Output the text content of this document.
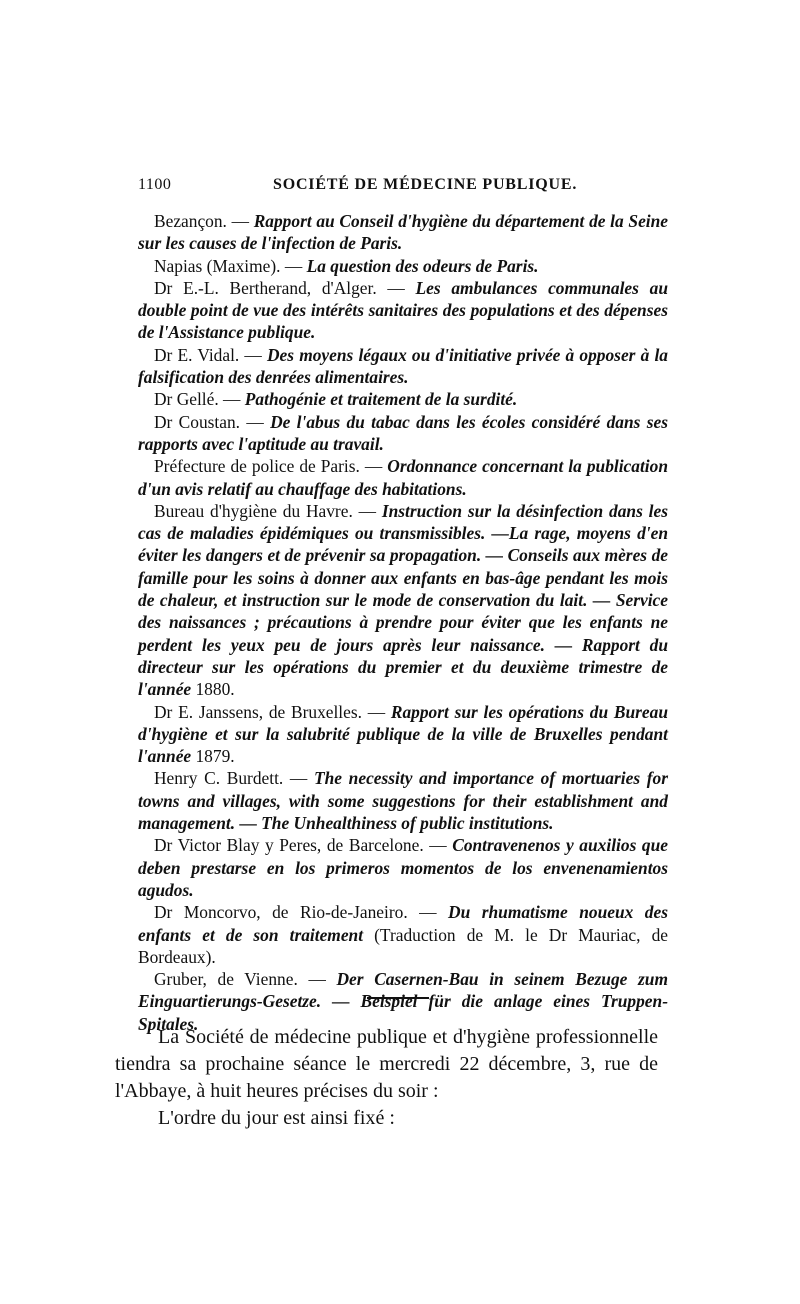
1100	SOCIÉTÉ DE MÉDECINE PUBLIQUE.

Bezançon. — Rapport au Conseil d'hygiène du département de la Seine sur les causes de l'infection de Paris.

Napias (Maxime). — La question des odeurs de Paris.

Dr E.-L. Bertherand, d'Alger. — Les ambulances communales au double point de vue des intérêts sanitaires des populations et des dépenses de l'Assistance publique.

Dr E. Vidal. — Des moyens légaux ou d'initiative privée à opposer à la falsification des denrées alimentaires.

Dr Gellé. — Pathogénie et traitement de la surdité.

Dr Coustan. — De l'abus du tabac dans les écoles considéré dans ses rapports avec l'aptitude au travail.

Préfecture de police de Paris. — Ordonnance concernant la publication d'un avis relatif au chauffage des habitations.

Bureau d'hygiène du Havre. — Instruction sur la désinfection dans les cas de maladies épidémiques ou transmissibles. —La rage, moyens d'en éviter les dangers et de prévenir sa propagation. — Conseils aux mères de famille pour les soins à donner aux enfants en bas-âge pendant les mois de chaleur, et instruction sur le mode de conservation du lait. — Service des naissances ; précautions à prendre pour éviter que les enfants ne perdent les yeux peu de jours après leur naissance. — Rapport du directeur sur les opérations du premier et du deuxième trimestre de l'année 1880.

Dr E. Janssens, de Bruxelles. — Rapport sur les opérations du Bureau d'hygiène et sur la salubrité publique de la ville de Bruxelles pendant l'année 1879.

Henry C. Burdett. — The necessity and importance of mortuaries for towns and villages, with some suggestions for their establishment and management. — The Unhealthiness of public institutions.

Dr Victor Blay y Peres, de Barcelone. — Contravenenos y auxilios que deben prestarse en los primeros momentos de los envenenamientos agudos.

Dr Moncorvo, de Rio-de-Janeiro. — Du rhumatisme noueux des enfants et de son traitement (Traduction de M. le Dr Mauriac, de Bordeaux).

Gruber, de Vienne. — Der Casernen-Bau in seinem Bezuge zum Einguartierungs-Gesetze. — Beispiel für die anlage eines Truppen-Spitales.

La Société de médecine publique et d'hygiène professionnelle tiendra sa prochaine séance le mercredi 22 décembre, 3, rue de l'Abbaye, à huit heures précises du soir :

L'ordre du jour est ainsi fixé :
